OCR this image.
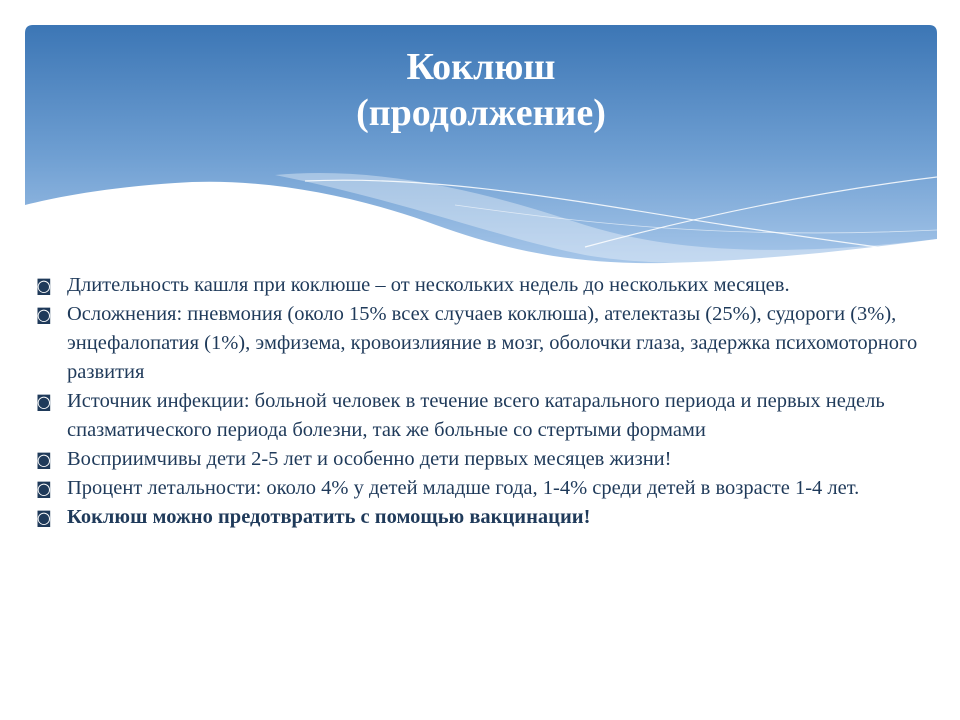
Коклюш
(продолжение)
◙ Длительность кашля при коклюше – от нескольких недель до нескольких месяцев.
◙ Осложнения: пневмония (около 15% всех случаев коклюша), ателектазы (25%), судороги (3%), энцефалопатия (1%), эмфизема, кровоизлияние в мозг, оболочки глаза, задержка психомоторного развития
◙ Источник инфекции: больной человек в течение всего катарального периода и первых недель спазматического периода болезни, так же больные со стертыми формами
◙ Восприимчивы дети 2-5 лет и особенно дети первых месяцев жизни!
◙ Процент летальности: около 4% у детей младше года, 1-4% среди детей в возрасте 1-4 лет.
◙ Коклюш можно предотвратить с помощью вакцинации!
